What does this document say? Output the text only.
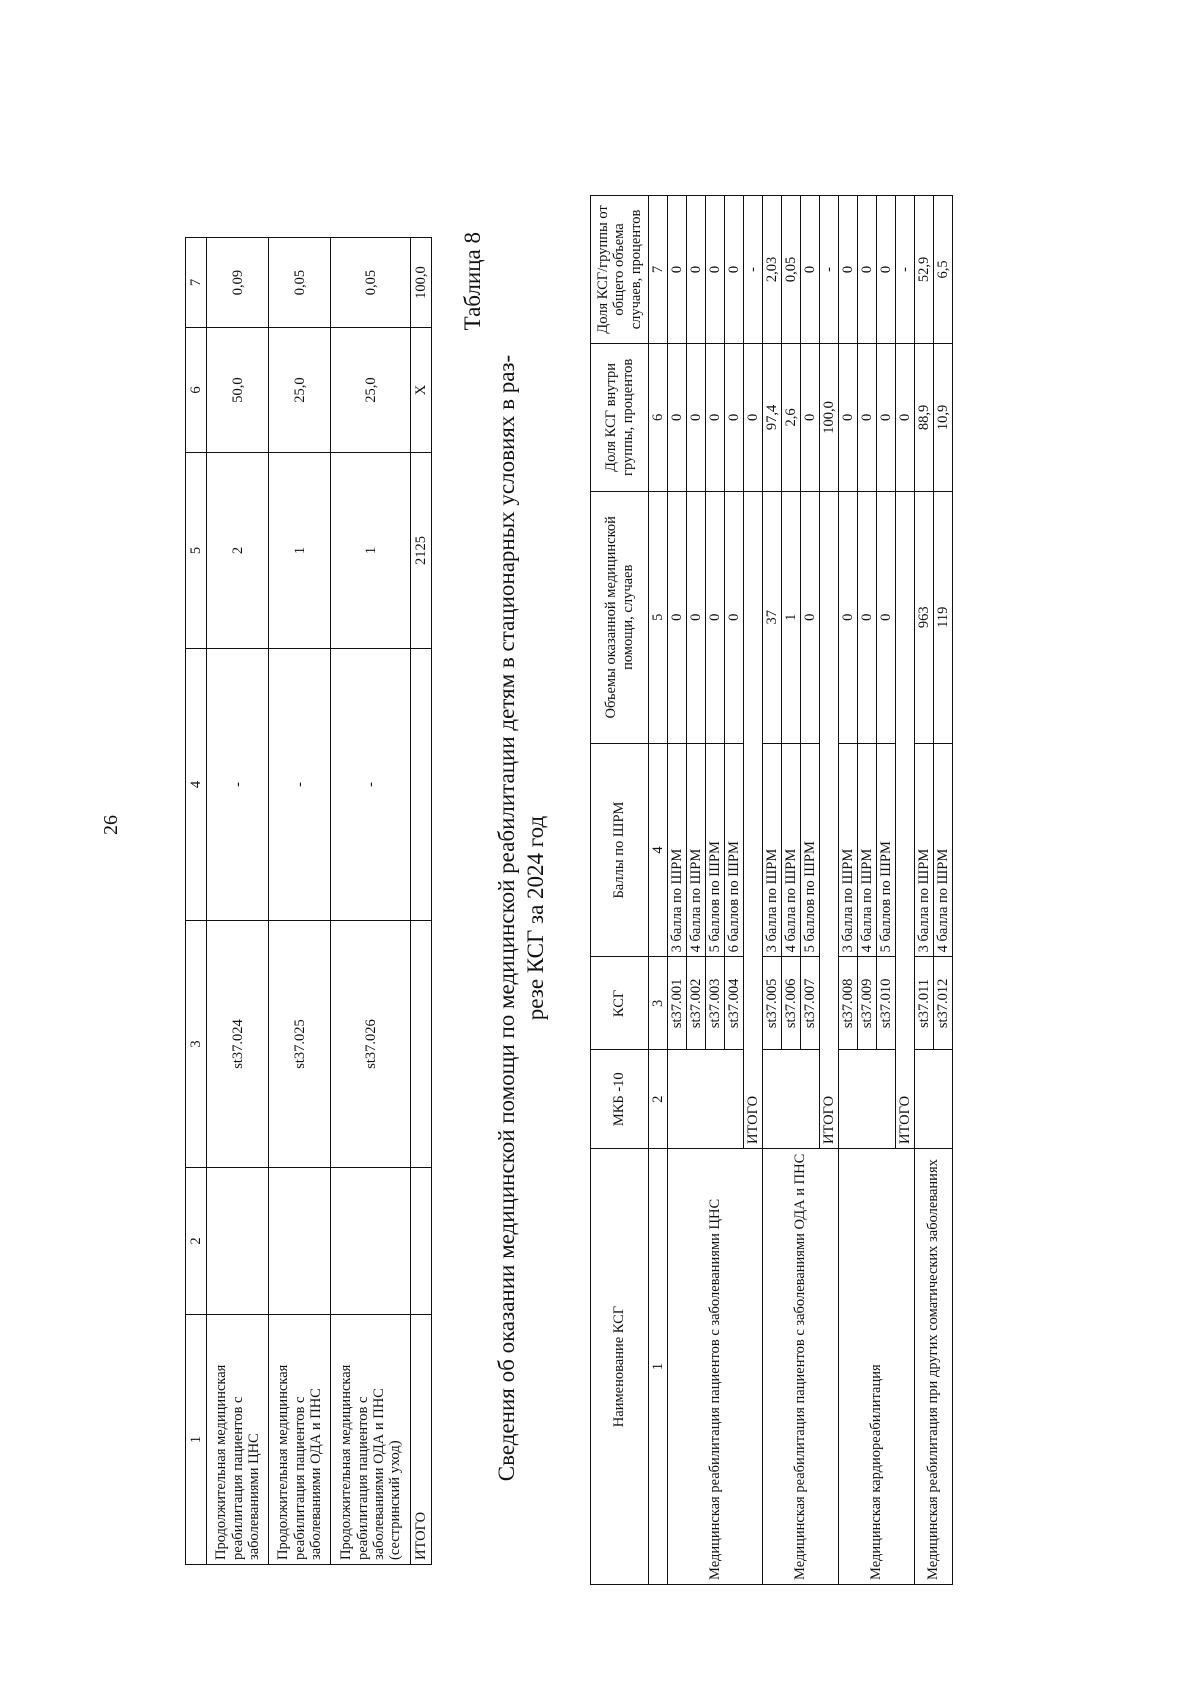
26
1	2	3	4	5	6	7
Продолжительная медицинская реабилитация пациентов с заболеваниями ЦНС		st37.024	-	2	50,0	0,09
Продолжительная медицинская реабилитация пациентов с заболеваниями ОДА и ПНС		st37.025	-	1	25,0	0,05
Продолжительная медицинская реабилитация пациентов с заболеваниями ОДА и ПНС (сестринский уход)		st37.026	-	1	25,0	0,05
ИТОГО				2125	Х	100,0 Таблица 8
Сведения об оказании медицинской помощи по медицинской реабилитации детям в стационарных условиях в раз- резе КСГ за 2024 год
Наименование КСГ	МКБ -10	КСГ	Баллы по ШРМ	Объемы оказанной медицинской помощи, случаев	Доля КСГ внутри группы, процентов	Доля КСГ/группы от общего объема случаев, процентов
1	2	3	4	5	6	7
Медицинская реабилитация пациентов с заболеваниями ЦНС		st37.001	3 балла по ШРМ	0	0	0
		st37.002	4 балла по ШРМ	0	0	0
		st37.003	5 баллов по ШРМ	0	0	0
		st37.004	6 баллов по ШРМ	0	0	0
	ИТОГО				0	-
Медицинская реабилитация пациентов с заболеваниями ОДА и ПНС		st37.005	3 балла по ШРМ	37	97,4	2,03
		st37.006	4 балла по ШРМ	1	2,6	0,05
		st37.007	5 баллов по ШРМ	0	0	0
	ИТОГО				100,0	-
Медицинская кардиореабилитация		st37.008	3 балла по ШРМ	0	0	0
		st37.009	4 балла по ШРМ	0	0	0
		st37.010	5 баллов по ШРМ	0	0	0
	ИТОГО				0	-
Медицинская реабилитация при других соматических заболеваниях		st37.011	3 балла по ШРМ	963	88,9	52,9
		st37.012	4 балла по ШРМ	119	10,9	6,5
